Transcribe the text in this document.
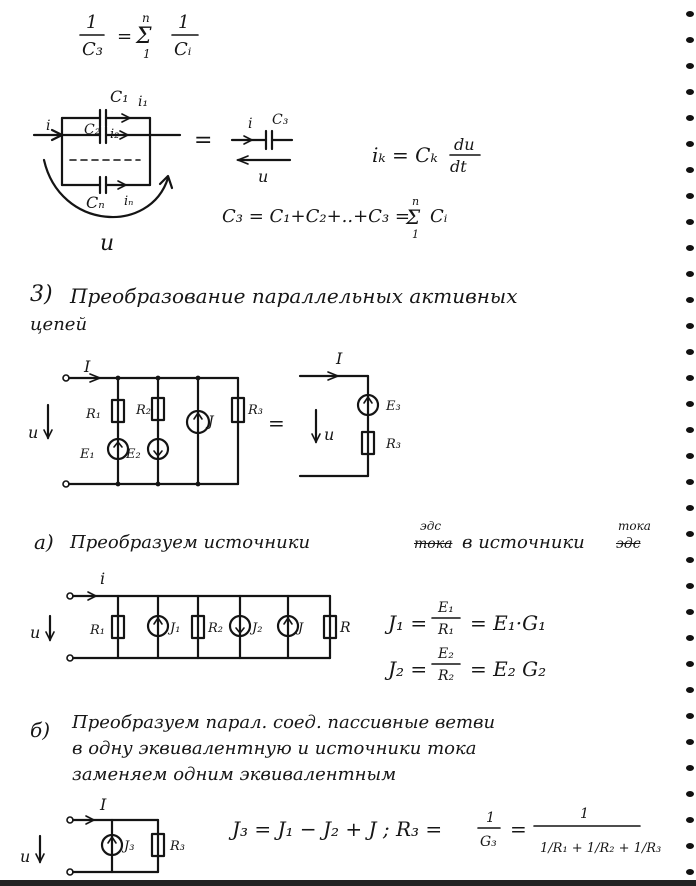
1
C₃
=
n
Σ
1
1
Cᵢ
C₁ i₁
C₂ i₂
Cₙ iₙ
i
u
=
i C₃
u
iₖ = Cₖ du
dt
C₃ = C₁+C₂+..+C₃ =
n
Σ
1
Cᵢ
I
R₁	R₂
J
R₃
E₁ E₂
u	=
I
E₃
R₃
u
i
u	R₁	J₁ R₂ J₂	J	R J₁ =
E₁
R₁ = E₁·G₁
J₂ =
E₂
R₂ = E₂ G₂
I
u
J₃	R₃
J₃ = J₁ − J₂ + J ; R₃ =	1
G₃
=
1
1/R₁ + 1/R₂ + 1/R₃
3) Преобразование параллельных активных
цепей
а) Преобразуем источники
эдс
тока в источники
тока
эдс
б) Преобразуем парал. соед. пассивные ветви
в одну эквивалентную и источники тока
заменяем одним эквивалентным
